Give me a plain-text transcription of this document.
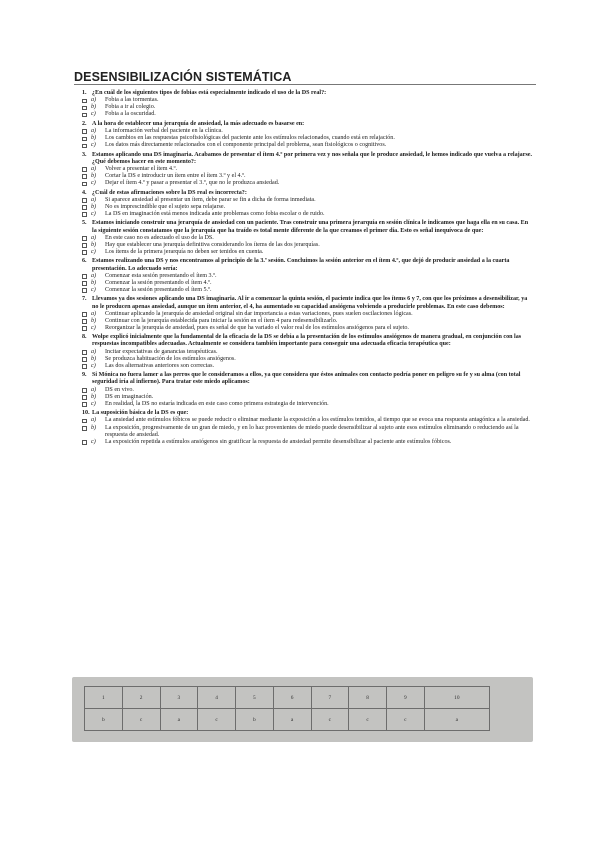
DESENSIBILIZACIÓN SISTEMÁTICA
1. ¿En cuál de los siguientes tipos de fobias está especialmente indicado el uso de la DS real?:
a) Fobia a las tormentas.
b) Fobia a ir al colegio.
c) Fobia a la oscuridad.
2. A la hora de establecer una jerarquía de ansiedad, la más adecuado es basarse en:
a) La información verbal del paciente en la clínica.
b) Los cambios en las respuestas psicofisiológicas del paciente ante los estímulos relacionados, cuando está en relajación.
c) Los datos más directamente relacionados con el componente principal del problema, sean fisiológicos o cognitivos.
3. Estamos aplicando una DS imaginaria. Acabamos de presentar el ítem 4.º por primera vez y nos señala que le produce ansiedad, le hemos indicado que vuelva a relajarse. ¿Qué debemos hacer en este momento?:
a) Volver a presentar el ítem 4.º.
b) Cortar la DS e introducir un ítem entre el ítem 3.º y el 4.º.
c) Dejar el ítem 4.º y pasar a presentar el 3.º, que no le produzca ansiedad.
4. ¿Cuál de estas afirmaciones sobre la DS real es incorrecta?:
a) Si aparece ansiedad al presentar un ítem, debe parar se fin a dicha de forma inmediata.
b) No es imprescindible que el sujeto sepa relajarse.
c) La DS en imaginación está menos indicada ante problemas como fobia escolar o de ruido.
5. Estamos iniciando construir una jerarquía de ansiedad con un paciente. Tras construir una primera jerarquía en sesión clínica le indicamos que haga ella en su casa. En la siguiente sesión constatamos que la jerarquía que ha traído es total mente diferente de la que creamos el primer día. Esto es señal inequívoca de que:
a) En este caso no es adecuado el uso de la DS.
b) Hay que establecer una jerarquía definitiva considerando los ítems de las dos jerarquías.
c) Los ítems de la primera jerarquía no deben ser tenidos en cuenta.
6. Estamos realizando una DS y nos encontramos al principio de la 3.ª sesión. Concluimos la sesión anterior en el ítem 4.º, que dejó de producir ansiedad a la cuarta presentación. Lo adecuado sería:
a) Comenzar esta sesión presentando el ítem 3.º.
b) Comenzar la sesión presentando el ítem 4.º.
c) Comenzar la sesión presentando el ítem 5.º.
7. Llevamos ya dos sesiones aplicando una DS imaginaria. Al ir a comenzar la quinta sesión, el paciente indica que los ítems 6 y 7, con que los próximos a desensibilizar, ya no le producen apenas ansiedad, aunque un ítem anterior, el 4, ha aumentado su capacidad ansiógena volviendo a producirle problemas. En este caso debemos:
a) Continuar aplicando la jerarquía de ansiedad original sin dar importancia a estas variaciones, pues suelen oscilaciones lógicas.
b) Continuar con la jerarquía establecida para iniciar la sesión en el ítem 4 para redesensibilizarlo.
c) Reorganizar la jerarquía de ansiedad, pues es señal de que ha variado el valor real de los estímulos ansiógenos para el sujeto.
8. Wolpe explicó inicialmente que la fundamental de la eficacia de la DS se debía a la presentación de los estímulos ansiógenos de manera gradual, en conjunción con las respuestas incompatibles adecuadas. Actualmente se considera también importante para conseguir una adecuada eficacia terapéutica que:
a) Incitar expectativas de ganancias terapéuticas.
b) Se produzca habituación de los estímulos ansiógenos.
c) Las dos alternativas anteriores son correctas.
9. Si Mónica no fuera lamer a las perros que le consideramos a ellos, ya que considera que éstos animales con contacto podría poner en peligro su fe y su alma (con total seguridad iría al infierno). Para tratar este miedo aplicamos:
a) DS en vivo.
b) DS en imaginación.
c) En realidad, la DS no estaría indicada en este caso como primera estrategia de intervención.
10. La suposición básica de la DS es que:
a) La ansiedad ante estímulos fóbicos se puede reducir o eliminar mediante la exposición a los estímulos temidos, al tiempo que se evoca una respuesta antagónica a la ansiedad.
b) La exposición, progresivamente de un gran de miedo, y en lo haz provenientes de miedo puede desensibilizar al sujeto ante esos estímulos eliminando o reduciendo así la respuesta de ansiedad.
c) La exposición repetida a estímulos ansiógenos sin gratificar la respuesta de ansiedad permite desensibilizar al paciente ante estímulos fóbicos.
1	2	3	4	5	6	7	8	9	10
b	c	a	c	b	a	c	c	c	a
